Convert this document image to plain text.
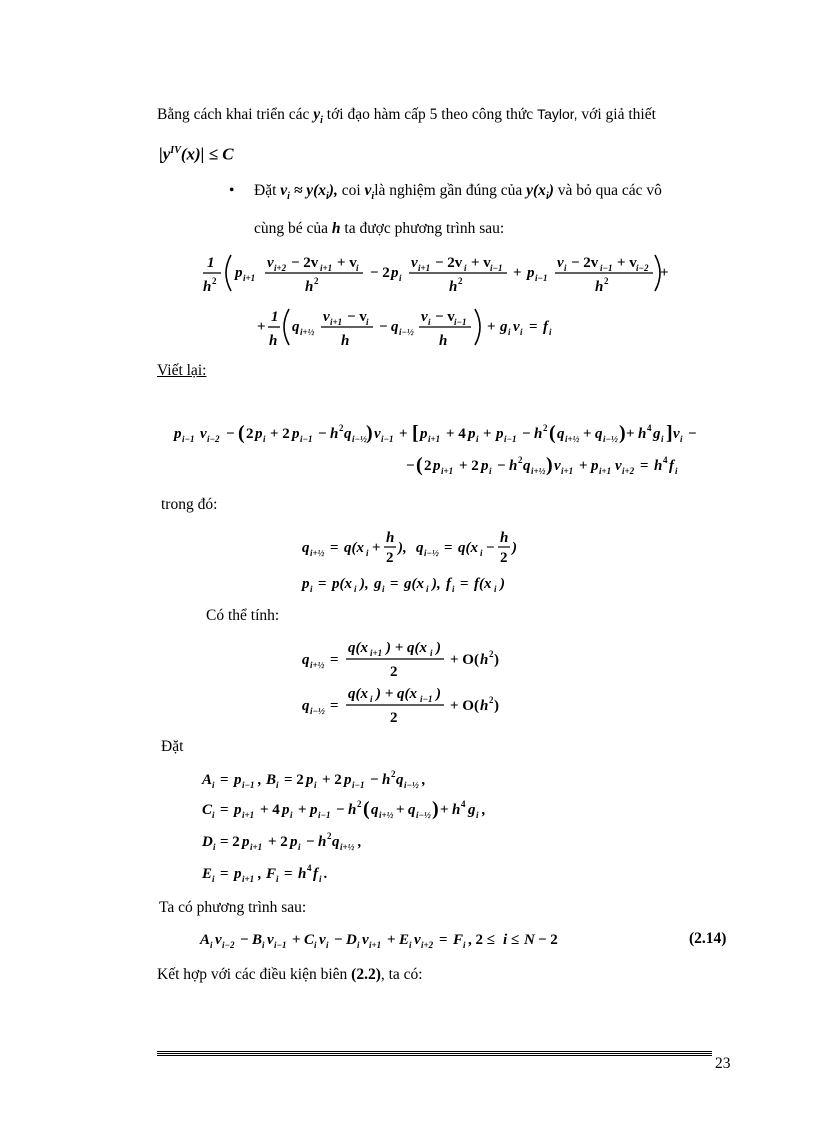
Bằng cách khai triển các $y_i$ tới đạo hàm cấp 5 theo công thức Taylor, với giả thiết
$|y^{IV}(x)| \le C$
• Đặt $v_i \approx y(x_i)$, coi $v_ilà$ nghiệm gần đúng của $y(x_i)$ và bỏ qua các vô
cùng bé của h ta được phương trình sau:
1
h 2 p i+1
v i+2 − 2v i+1 + v i
h 2	− 2 p i
v i+1 − 2v i + v i−1
h 2	+ p i−1
v i − 2v i−1 + v i−2
h 2	+
+
1
h
q i+½
v i+1 − v i
h
− q i−½
v i − v i−1
h
+ g i v i = f i
Viết lại:
p i−1 v i−2 − ( 2 p i + 2 p i−1 − h 2 q i−½ ) v i−1 + [ p i+1 + 4 p i + p i−1 − h 2 ( q i+½ + q i−½ ) + h 4 g i ] v i −
− ( 2 p i+1 + 2 p i − h 2 q i+½ ) v i+1 + p i+1 v i+2 = h 4 f i
trong đó:
q i+½ = q(x i +
h
2
), q i−½ = q(x i −
h
2
)
p i = p(x i ), g i = g(x i ), f i = f(x i )
Có thể tính:
q i+½ =
q(x i+1 ) + q(x i )
2
+ O( h 2 )
q i−½ =
q(x i ) + q(x i−1 )
2
+ O( h 2 )
Đặt
A i = p i−1 , B i = 2 p i + 2 p i−1 − h 2 q i−½ ,
C i = p i+1 + 4 p i + p i−1 − h 2 ( q i+½ + q i−½ ) + h 4 g i ,
D i = 2 p i+1 + 2 p i − h 2 q i+½ ,
E i = p i+1 , F i = h 4 f i .
Ta có phương trình sau:
A i v i−2 − B i v i−1 + C i v i − D i v i+1 + E i v i+2 = F i , 2 ≤ i ≤ N − 2	(2.14)
Kết hợp với các điều kiện biên (2.2), ta có:
23
